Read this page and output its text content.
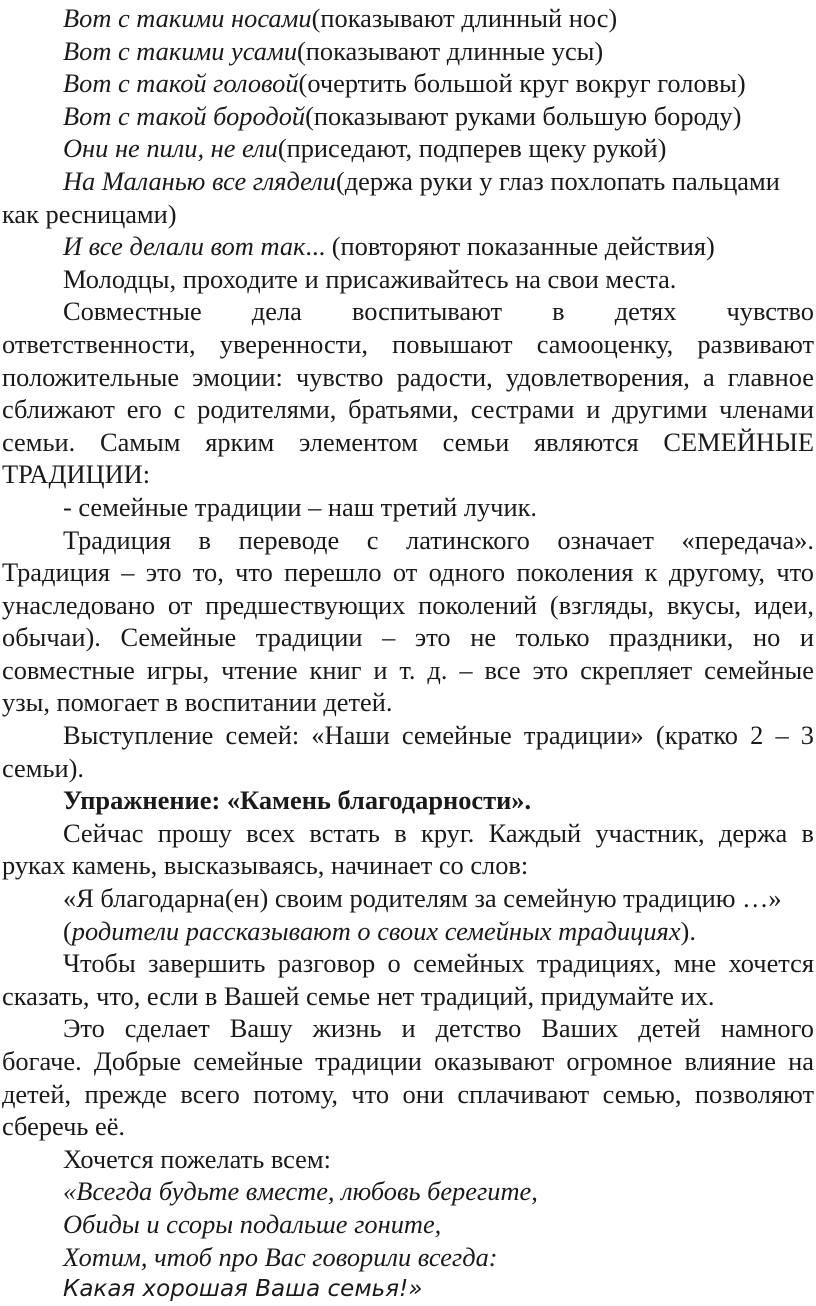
Вот с такими носами(показывают длинный нос)
Вот с такими усами(показывают длинные усы)
Вот с такой головой(очертить большой круг вокруг головы)
Вот с такой бородой(показывают руками большую бороду)
Они не пили, не ели(приседают, подперев щеку рукой)
На Маланью все глядели(держа руки у глаз похлопать пальцами
как ресницами)
И все делали вот так... (повторяют показанные действия)
Молодцы, проходите и присаживайтесь на свои места.
Совместные дела воспитывают в детях чувство
ответственности, уверенности, повышают самооценку, развивают
положительные эмоции: чувство радости, удовлетворения, а главное
сближают его с родителями, братьями, сестрами и другими членами
семьи. Самым ярким элементом семьи являются СЕМЕЙНЫЕ
ТРАДИЦИИ:
- семейные традиции – наш третий лучик.
Традиция в переводе с латинского означает «передача».
Традиция – это то, что перешло от одного поколения к другому, что
унаследовано от предшествующих поколений (взгляды, вкусы, идеи,
обычаи). Семейные традиции – это не только праздники, но и
совместные игры, чтение книг и т. д. – все это скрепляет семейные
узы, помогает в воспитании детей.
Выступление семей: «Наши семейные традиции» (кратко 2 – 3
семьи).
Упражнение: «Камень благодарности».
Сейчас прошу всех встать в круг. Каждый участник, держа в
руках камень, высказываясь, начинает со слов:
«Я благодарна(ен) своим родителям за семейную традицию …»
(родители рассказывают о своих семейных традициях).
Чтобы завершить разговор о семейных традициях, мне хочется
сказать, что, если в Вашей семье нет традиций, придумайте их.
Это сделает Вашу жизнь и детство Ваших детей намного
богаче. Добрые семейные традиции оказывают огромное влияние на
детей, прежде всего потому, что они сплачивают семью, позволяют
сберечь её.
Хочется пожелать всем:
«Всегда будьте вместе, любовь берегите,
Обиды и ссоры подальше гоните,
Хотим, чтоб про Вас говорили всегда:
Какая хорошая Ваша семья!»
